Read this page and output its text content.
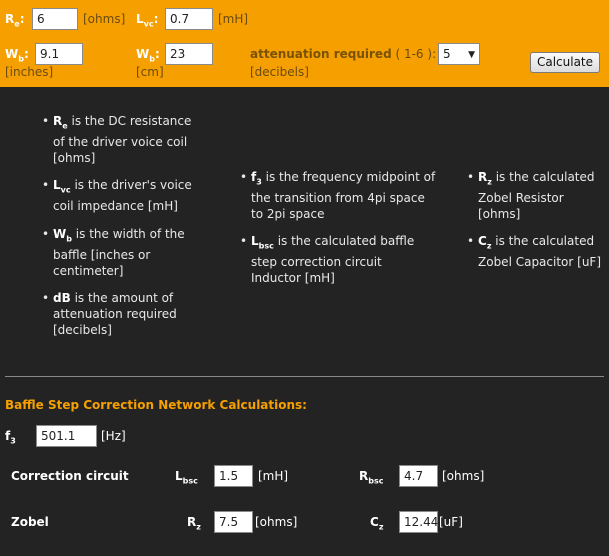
$R_e$:	6	[ohms] $L_{vc}$: 0.7	[mH]
$W_b$: 9.1
[inches]
$W_b$: 23
[cm]
attenuation required ( 1-6 ): 5 ▼
[decibels]
Calculate
• $R_e$ is the DC resistance of the driver voice coil [ohms]
• $L_{vc}$ is the driver's voice coil impedance [mH]
• $W_b$ is the width of the baffle [inches or centimeter]
• dB is the amount of attenuation required [decibels]
• $f_3$ is the frequency midpoint of the transition from 4pi space to 2pi space
• $L_{bsc}$ is the calculated baffle step correction circuit Inductor [mH]
• $R_z$ is the calculated Zobel Resistor [ohms]
• $C_z$ is the calculated Zobel Capacitor [uF]
Baffle Step Correction Network Calculations:
$f_3$	501.1	[Hz]
Correction circuit	$L_{bsc}$	1.5	[mH]	$R_{bsc}$	4.7	[ohms]
Zobel	$R_z$	7.5	[ohms]	$C_z$	12.44 [uF]
